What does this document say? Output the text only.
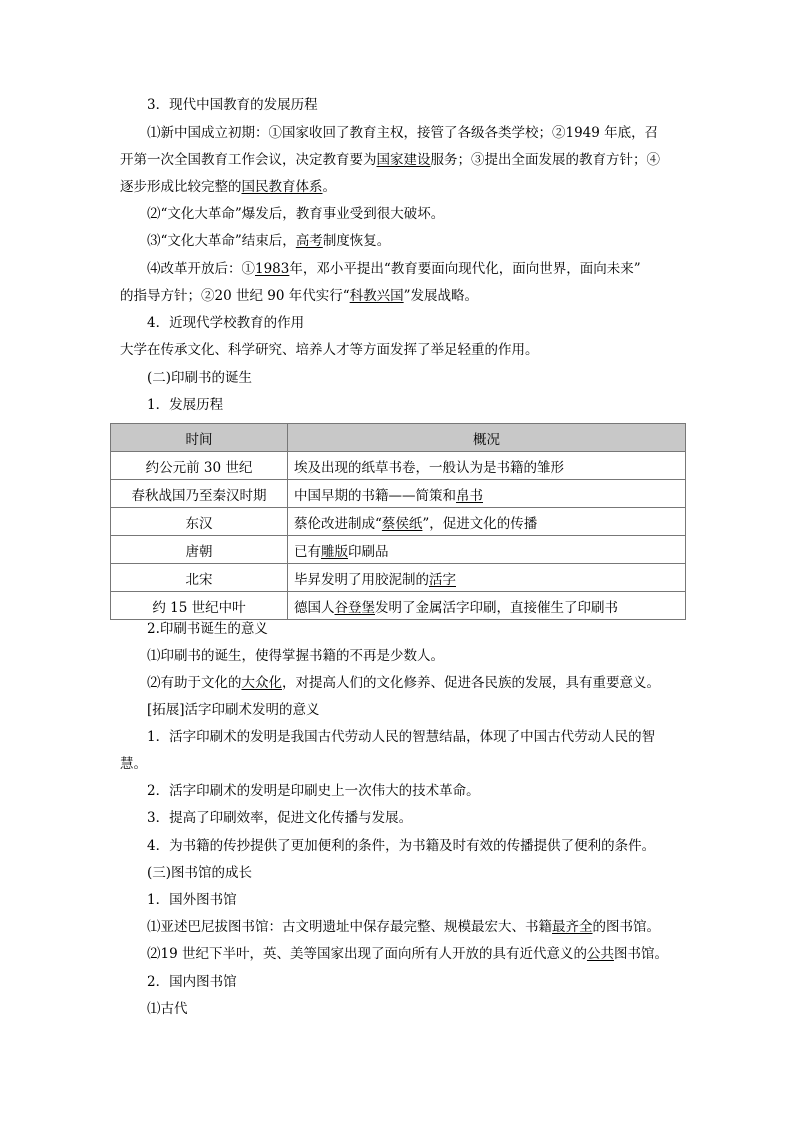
3．现代中国教育的发展历程
⑴新中国成立初期：①国家收回了教育主权，接管了各级各类学校；②1949 年底，召
开第一次全国教育工作会议，决定教育要为国家建设服务；③提出全面发展的教育方针；④
逐步形成比较完整的国民教育体系。
⑵“文化大革命”爆发后，教育事业受到很大破坏。
⑶“文化大革命”结束后，高考制度恢复。
⑷改革开放后：①1983年，邓小平提出“教育要面向现代化，面向世界，面向未来”
的指导方针；②20 世纪 90 年代实行“科教兴国”发展战略。
4．近现代学校教育的作用
大学在传承文化、科学研究、培养人才等方面发挥了举足轻重的作用。
(二)印刷书的诞生
1．发展历程
时间	概况
约公元前 30 世纪	埃及出现的纸草书卷，一般认为是书籍的雏形
春秋战国乃至秦汉时期	中国早期的书籍——简策和帛书
东汉	蔡伦改进制成“蔡侯纸”，促进文化的传播
唐朝	已有雕版印刷品
北宋	毕昇发明了用胶泥制的活字
约 15 世纪中叶	德国人谷登堡发明了金属活字印刷，直接催生了印刷书
2.印刷书诞生的意义
⑴印刷书的诞生，使得掌握书籍的不再是少数人。
⑵有助于文化的大众化，对提高人们的文化修养、促进各民族的发展，具有重要意义。
[拓展]活字印刷术发明的意义
1．活字印刷术的发明是我国古代劳动人民的智慧结晶，体现了中国古代劳动人民的智
慧。
2．活字印刷术的发明是印刷史上一次伟大的技术革命。
3．提高了印刷效率，促进文化传播与发展。
4．为书籍的传抄提供了更加便利的条件，为书籍及时有效的传播提供了便利的条件。
(三)图书馆的成长
1．国外图书馆
⑴亚述巴尼拔图书馆：古文明遗址中保存最完整、规模最宏大、书籍最齐全的图书馆。
⑵19 世纪下半叶，英、美等国家出现了面向所有人开放的具有近代意义的公共图书馆。
2．国内图书馆
⑴古代
